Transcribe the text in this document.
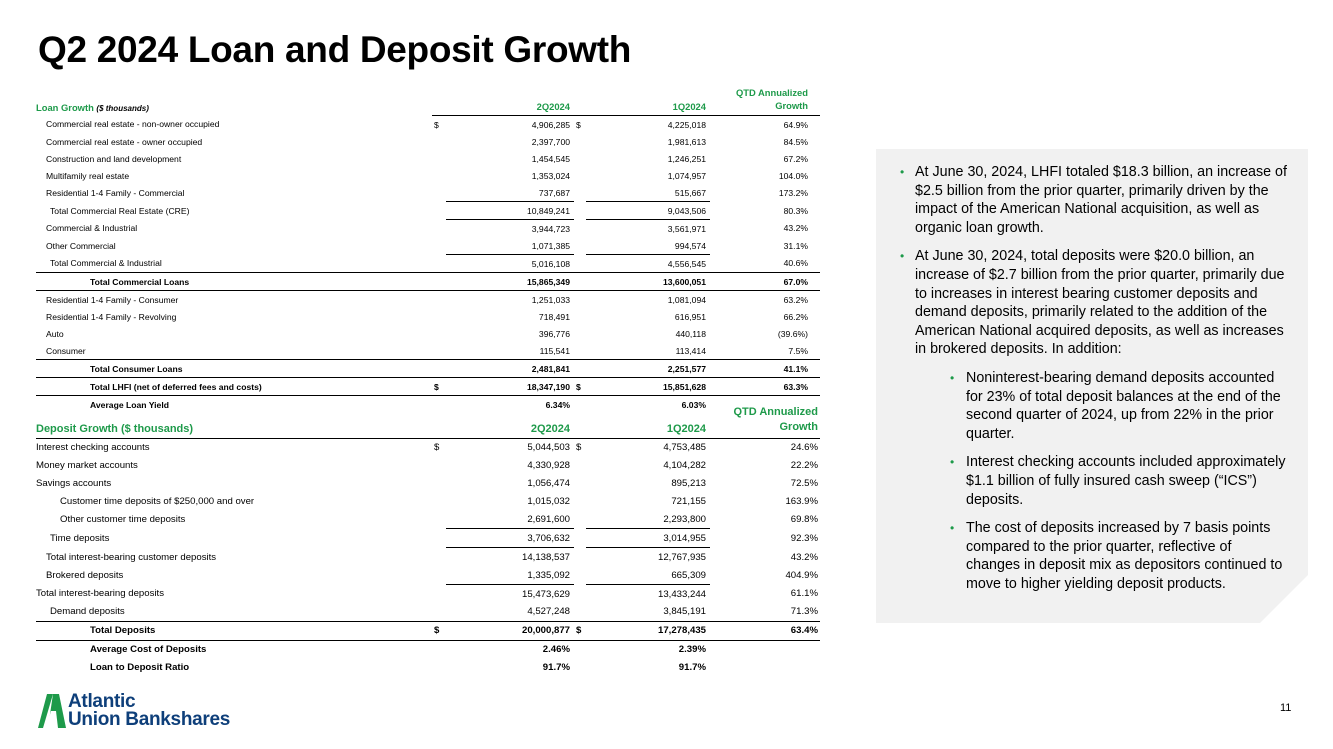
Q2 2024 Loan and Deposit Growth
Loan Growth ($ thousands)		2Q2024		1Q2024	QTD Annualized
Growth
Commercial real estate - non-owner occupied	$	4,906,285	$	4,225,018	64.9%
Commercial real estate - owner occupied		2,397,700		1,981,613	84.5%
Construction and land development		1,454,545		1,246,251	67.2%
Multifamily real estate		1,353,024		1,074,957	104.0%
Residential 1-4 Family - Commercial		737,687		515,667	173.2%
Total Commercial Real Estate (CRE)		10,849,241		9,043,506	80.3%
Commercial & Industrial		3,944,723		3,561,971	43.2%
Other Commercial		1,071,385		994,574	31.1%
Total Commercial & Industrial		5,016,108		4,556,545	40.6%
Total Commercial Loans		15,865,349		13,600,051	67.0%
Residential 1-4 Family - Consumer		1,251,033		1,081,094	63.2%
Residential 1-4 Family - Revolving		718,491		616,951	66.2%
Auto		396,776		440,118	(39.6%)
Consumer		115,541		113,414	7.5%
Total Consumer Loans		2,481,841		2,251,577	41.1%
Total LHFI (net of deferred fees and costs)	$	18,347,190	$	15,851,628	63.3%
Average Loan Yield		6.34%		6.03%	
Deposit Growth ($ thousands)		2Q2024		1Q2024	QTD Annualized
Growth
Interest checking accounts	$	5,044,503	$	4,753,485	24.6%
Money market accounts		4,330,928		4,104,282	22.2%
Savings accounts		1,056,474		895,213	72.5%
Customer time deposits of $250,000 and over		1,015,032		721,155	163.9%
Other customer time deposits		2,691,600		2,293,800	69.8%
Time deposits		3,706,632		3,014,955	92.3%
Total interest-bearing customer deposits		14,138,537		12,767,935	43.2%
Brokered deposits		1,335,092		665,309	404.9%
Total interest-bearing deposits		15,473,629		13,433,244	61.1%
Demand deposits		4,527,248		3,845,191	71.3%
Total Deposits	$	20,000,877	$	17,278,435	63.4%
Average Cost of Deposits		2.46%		2.39%	
Loan to Deposit Ratio		91.7%		91.7%	
• At June 30, 2024, LHFI totaled $18.3 billion, an increase of $2.5 billion from the prior quarter, primarily driven by the impact of the American National acquisition, as well as organic loan growth.
• At June 30, 2024, total deposits were $20.0 billion, an increase of $2.7 billion from the prior quarter, primarily due to increases in interest bearing customer deposits and demand deposits, primarily related to the addition of the American National acquired deposits, as well as increases in brokered deposits. In addition:
• Noninterest-bearing demand deposits accounted for 23% of total deposit balances at the end of the second quarter of 2024, up from 22% in the prior quarter.
• Interest checking accounts included approximately $1.1 billion of fully insured cash sweep (“ICS”) deposits.
• The cost of deposits increased by 7 basis points compared to the prior quarter, reflective of changes in deposit mix as depositors continued to move to higher yielding deposit products.
Atlantic
Union Bankshares
11
